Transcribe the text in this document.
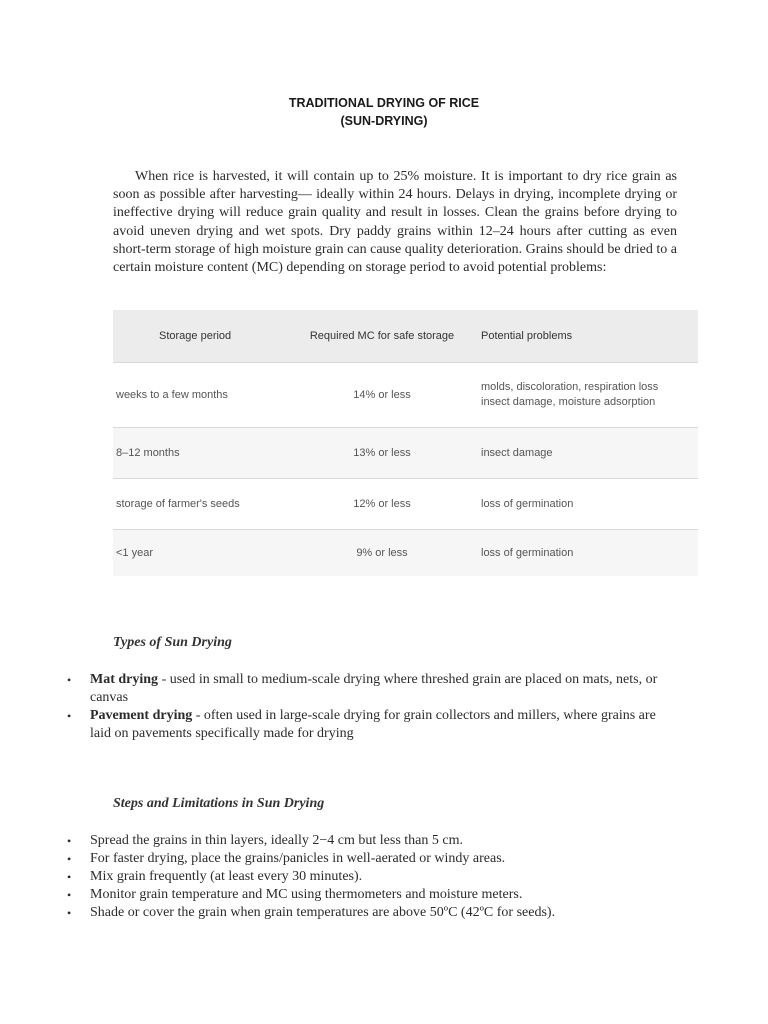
TRADITIONAL DRYING OF RICE
(SUN-DRYING)

When rice is harvested, it will contain up to 25% moisture. It is important to dry rice grain as soon as possible after harvesting— ideally within 24 hours. Delays in drying, incomplete drying or ineffective drying will reduce grain quality and result in losses. Clean the grains before drying to avoid uneven drying and wet spots. Dry paddy grains within 12–24 hours after cutting as even short-term storage of high moisture grain can cause quality deterioration. Grains should be dried to a certain moisture content (MC) depending on storage period to avoid potential problems:

Storage period	Required MC for safe storage	Potential problems
weeks to a few months	14% or less	molds, discoloration, respiration loss
insect damage, moisture adsorption

8–12 months	13% or less	insect damage
storage of farmer's seeds	12% or less	loss of germination
<1 year	9% or less	loss of germination
Types of Sun Drying
•	Mat drying - used in small to medium-scale drying where threshed grain are placed on mats, nets, or canvas
•	Pavement drying - often used in large-scale drying for grain collectors and millers, where grains are laid on pavements specifically made for drying
Steps and Limitations in Sun Drying
•	Spread the grains in thin layers, ideally 2−4 cm but less than 5 cm.
•	For faster drying, place the grains/panicles in well-aerated or windy areas.
•	Mix grain frequently (at least every 30 minutes).
•	Monitor grain temperature and MC using thermometers and moisture meters.
•	Shade or cover the grain when grain temperatures are above 50ºC (42ºC for seeds).
